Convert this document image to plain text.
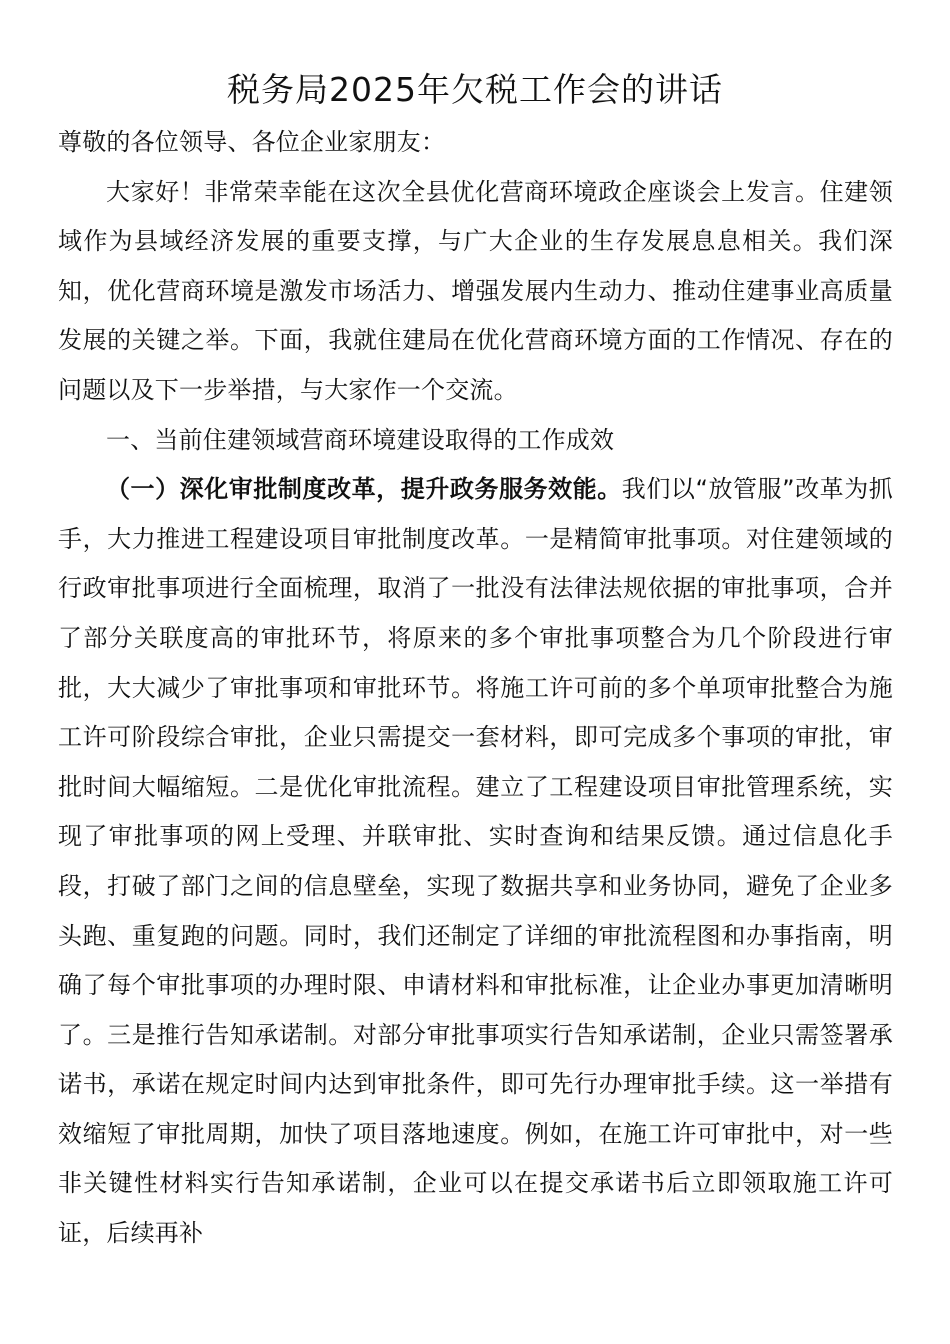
税务局2025年欠税工作会的讲话

尊敬的各位领导、各位企业家朋友：

大家好！非常荣幸能在这次全县优化营商环境政企座谈会上发言。住建领域作为县域经济发展的重要支撑，与广大企业的生存发展息息相关。我们深知，优化营商环境是激发市场活力、增强发展内生动力、推动住建事业高质量发展的关键之举。下面，我就住建局在优化营商环境方面的工作情况、存在的问题以及下一步举措，与大家作一个交流。

一、当前住建领域营商环境建设取得的工作成效

（一）深化审批制度改革，提升政务服务效能。我们以“放管服”改革为抓手，大力推进工程建设项目审批制度改革。一是精简审批事项。对住建领域的行政审批事项进行全面梳理，取消了一批没有法律法规依据的审批事项，合并了部分关联度高的审批环节，将原来的多个审批事项整合为几个阶段进行审批，大大减少了审批事项和审批环节。将施工许可前的多个单项审批整合为施工许可阶段综合审批，企业只需提交一套材料，即可完成多个事项的审批，审批时间大幅缩短。二是优化审批流程。建立了工程建设项目审批管理系统，实现了审批事项的网上受理、并联审批、实时查询和结果反馈。通过信息化手段，打破了部门之间的信息壁垒，实现了数据共享和业务协同，避免了企业多头跑、重复跑的问题。同时，我们还制定了详细的审批流程图和办事指南，明确了每个审批事项的办理时限、申请材料和审批标准，让企业办事更加清晰明了。三是推行告知承诺制。对部分审批事项实行告知承诺制，企业只需签署承诺书，承诺在规定时间内达到审批条件，即可先行办理审批手续。这一举措有效缩短了审批周期，加快了项目落地速度。例如，在施工许可审批中，对一些非关键性材料实行告知承诺制，企业可以在提交承诺书后立即领取施工许可证，后续再补
